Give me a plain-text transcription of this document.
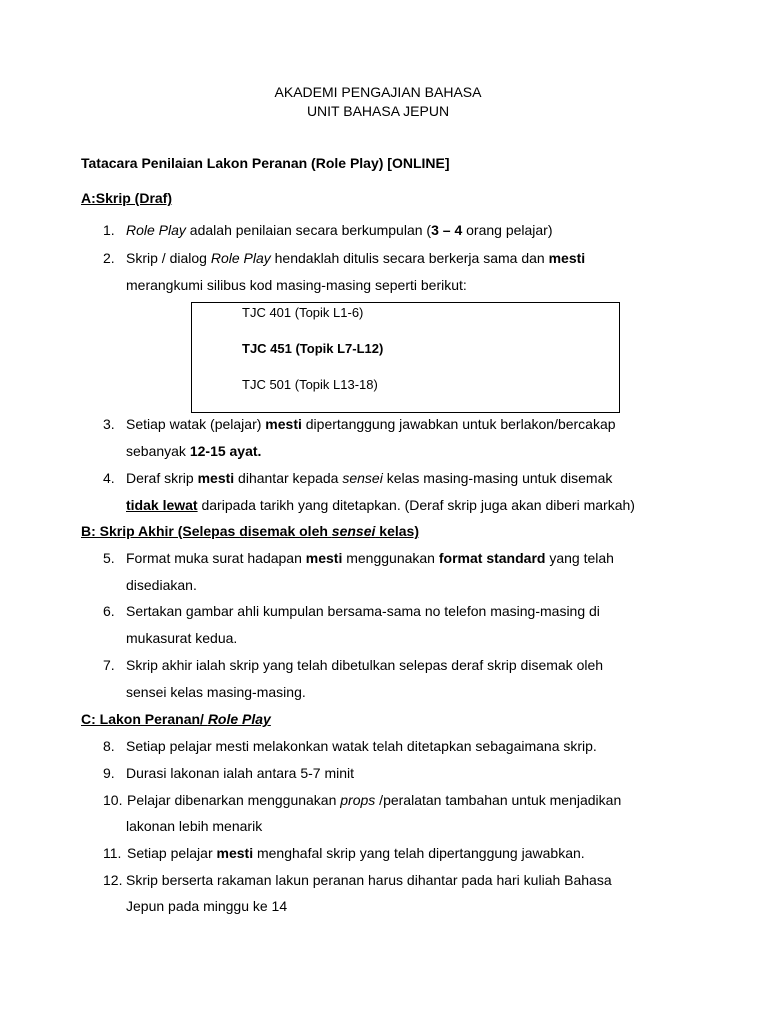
AKADEMI PENGAJIAN BAHASA
UNIT BAHASA JEPUN
Tatacara Penilaian Lakon Peranan (Role Play) [ONLINE]
A:Skrip (Draf)
1. Role Play adalah penilaian secara berkumpulan (3 – 4 orang pelajar)
2. Skrip / dialog Role Play hendaklah ditulis secara berkerja sama dan mesti
merangkumi silibus kod masing-masing seperti berikut:
TJC 401 (Topik L1-6)
TJC 451 (Topik L7-L12)
TJC 501 (Topik L13-18)
3. Setiap watak (pelajar) mesti dipertanggung jawabkan untuk berlakon/bercakap
sebanyak 12-15 ayat.
4. Deraf skrip mesti dihantar kepada sensei kelas masing-masing untuk disemak
tidak lewat daripada tarikh yang ditetapkan. (Deraf skrip juga akan diberi markah)
B: Skrip Akhir (Selepas disemak oleh sensei kelas)
5. Format muka surat hadapan mesti menggunakan format standard yang telah
disediakan.
6. Sertakan gambar ahli kumpulan bersama-sama no telefon masing-masing di
mukasurat kedua.
7. Skrip akhir ialah skrip yang telah dibetulkan selepas deraf skrip disemak oleh
sensei kelas masing-masing.
C: Lakon Peranan/ Role Play
8. Setiap pelajar mesti melakonkan watak telah ditetapkan sebagaimana skrip.
9. Durasi lakonan ialah antara 5-7 minit
10. Pelajar dibenarkan menggunakan props /peralatan tambahan untuk menjadikan
lakonan lebih menarik
11. Setiap pelajar mesti menghafal skrip yang telah dipertanggung jawabkan.
12. Skrip berserta rakaman lakun peranan harus dihantar pada hari kuliah Bahasa
Jepun pada minggu ke 14
